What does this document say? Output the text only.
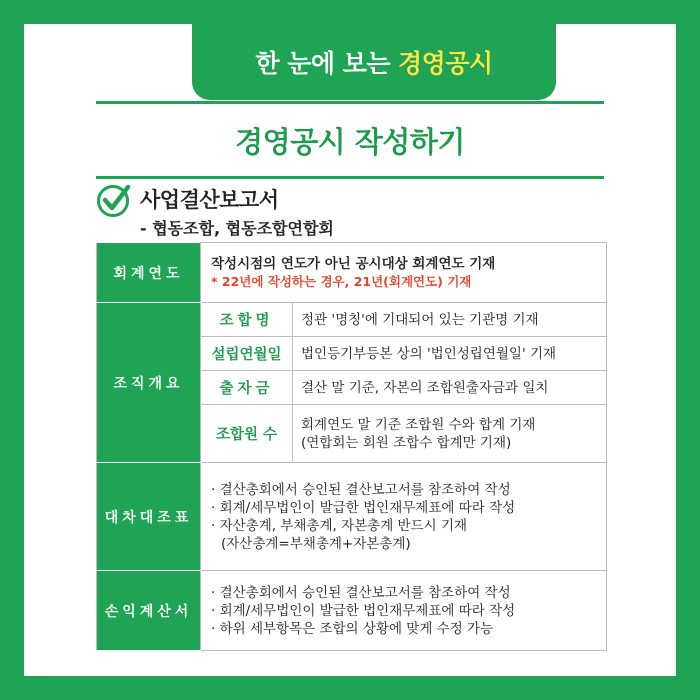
한 눈에 보는 경영공시
경영공시 작성하기
사업결산보고서
- 협동조합, 협동조합연합회
회계연도	작성시점의 연도가 아닌 공시대상 회계연도 기재
* 22년에 작성하는 경우, 21년(회계연도) 기재	

조직개요	조합명	정관 '명칭'에 기대되어 있는 기관명 기재
	설립연월일	법인등기부등본 상의 '법인성립연월일' 기재
	출자금	결산 말 기준, 자본의 조합원출자금과 일치
	조합원 수	회계연도 말 기준 조합원 수와 합계 기재
(연합회는 회원 조합수 합계만 기재)

대차대조표	· 결산총회에서 승인된 결산보고서를 참조하여 작성
· 회계/세무법인이 발급한 법인재무제표에 따라 작성
· 자산총계, 부채총계, 자본총계 반드시 기재
(자산총계=부채총계+자본총계)	

손익계산서	· 결산총회에서 승인된 결산보고서를 참조하여 작성
· 회계/세무법인이 발급한 법인재무제표에 따라 작성
· 하위 세부항목은 조합의 상황에 맞게 수정 가능	
